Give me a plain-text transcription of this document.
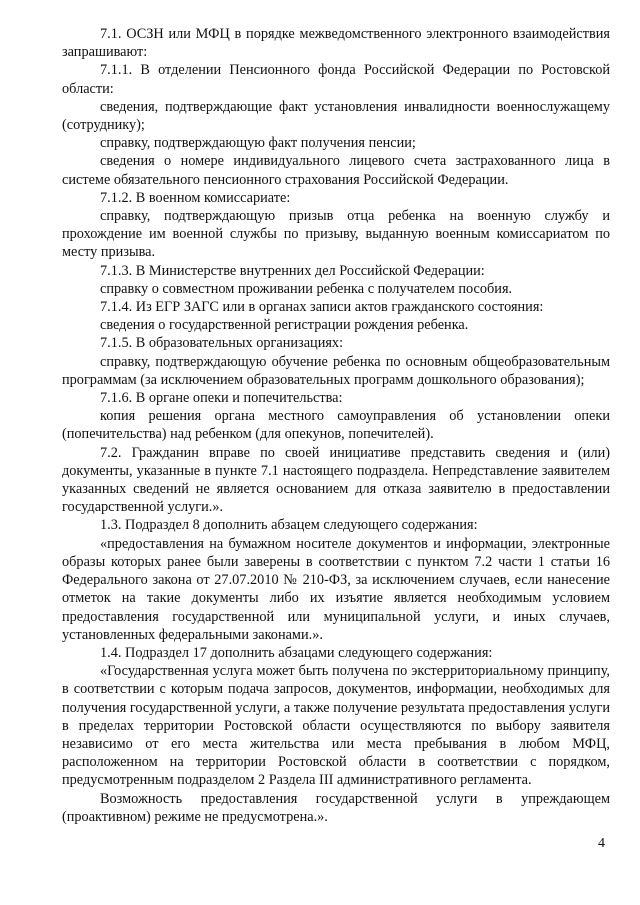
7.1. ОСЗН или МФЦ в порядке межведомственного электронного взаимодействия запрашивают:

7.1.1. В отделении Пенсионного фонда Российской Федерации по Ростовской области:

сведения, подтверждающие факт установления инвалидности военнослужащему (сотруднику);

справку, подтверждающую факт получения пенсии;

сведения о номере индивидуального лицевого счета застрахованного лица в системе обязательного пенсионного страхования Российской Федерации.

7.1.2. В военном комиссариате:

справку, подтверждающую призыв отца ребенка на военную службу и прохождение им военной службы по призыву, выданную военным комиссариатом по месту призыва.

7.1.3. В Министерстве внутренних дел Российской Федерации:

справку о совместном проживании ребенка с получателем пособия.

7.1.4. Из ЕГР ЗАГС или в органах записи актов гражданского состояния:

сведения о государственной регистрации рождения ребенка.

7.1.5. В образовательных организациях:

справку, подтверждающую обучение ребенка по основным общеобразовательным программам (за исключением образовательных программ дошкольного образования);

7.1.6. В органе опеки и попечительства:

копия решения органа местного самоуправления об установлении опеки (попечительства) над ребенком (для опекунов, попечителей).

7.2. Гражданин вправе по своей инициативе представить сведения и (или) документы, указанные в пункте 7.1 настоящего подраздела. Непредставление заявителем указанных сведений не является основанием для отказа заявителю в предоставлении государственной услуги.».

1.3. Подраздел 8 дополнить абзацем следующего содержания:

«предоставления на бумажном носителе документов и информации, электронные образы которых ранее были заверены в соответствии с пунктом 7.2 части 1 статьи 16 Федерального закона от 27.07.2010 № 210-ФЗ, за исключением случаев, если нанесение отметок на такие документы либо их изъятие является необходимым условием предоставления государственной или муниципальной услуги, и иных случаев, установленных федеральными законами.».

1.4. Подраздел 17 дополнить абзацами следующего содержания:

«Государственная услуга может быть получена по экстерриториальному принципу, в соответствии с которым подача запросов, документов, информации, необходимых для получения государственной услуги, а также получение результата предоставления услуги в пределах территории Ростовской области осуществляются по выбору заявителя независимо от его места жительства или места пребывания в любом МФЦ, расположенном на территории Ростовской области в соответствии с порядком, предусмотренным подразделом 2 Раздела III административного регламента.

Возможность предоставления государственной услуги в упреждающем (проактивном) режиме не предусмотрена.».

4
